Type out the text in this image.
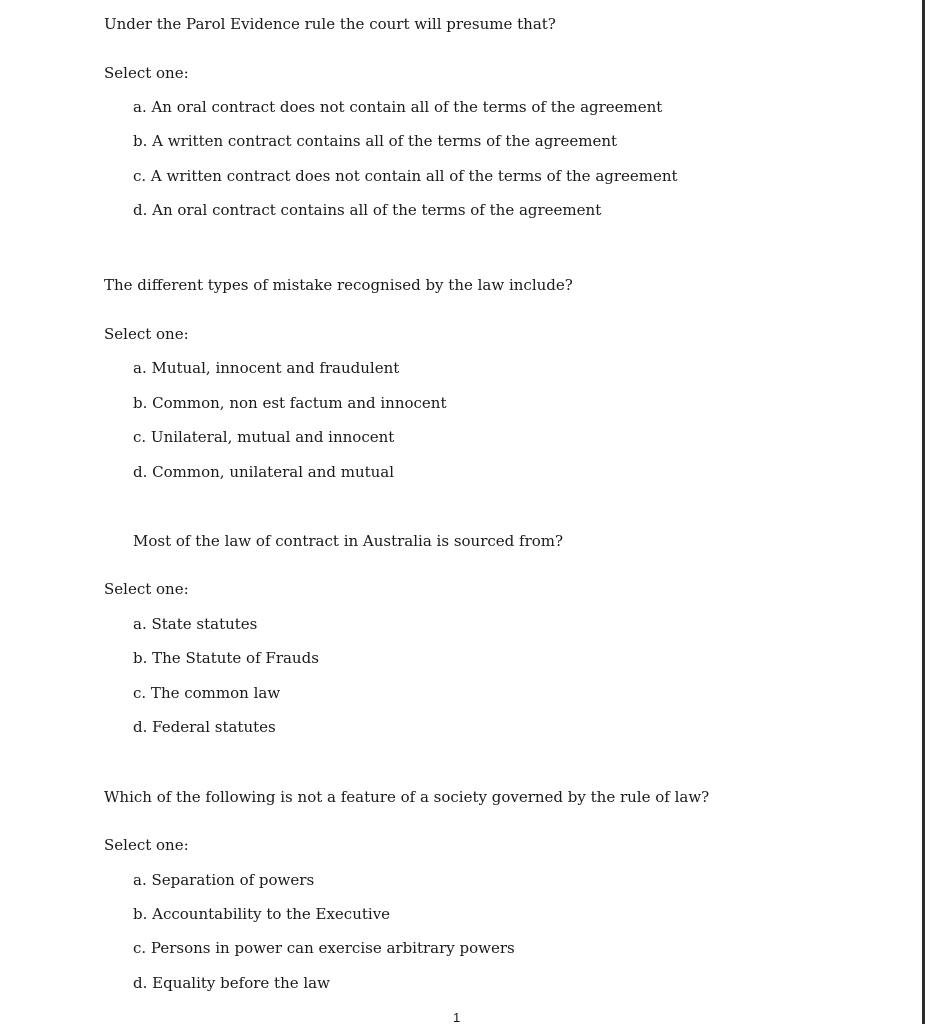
Under the Parol Evidence rule the court will presume that?
Select one:
a. An oral contract does not contain all of the terms of the agreement
b. A written contract contains all of the terms of the agreement
c. A written contract does not contain all of the terms of the agreement
d. An oral contract contains all of the terms of the agreement
The different types of mistake recognised by the law include?
Select one:
a. Mutual, innocent and fraudulent
b. Common, non est factum and innocent
c. Unilateral, mutual and innocent
d. Common, unilateral and mutual
Most of the law of contract in Australia is sourced from?
Select one:
a. State statutes
b. The Statute of Frauds
c. The common law
d. Federal statutes
Which of the following is not a feature of a society governed by the rule of law?
Select one:
a. Separation of powers
b. Accountability to the Executive
c. Persons in power can exercise arbitrary powers
d. Equality before the law
1
